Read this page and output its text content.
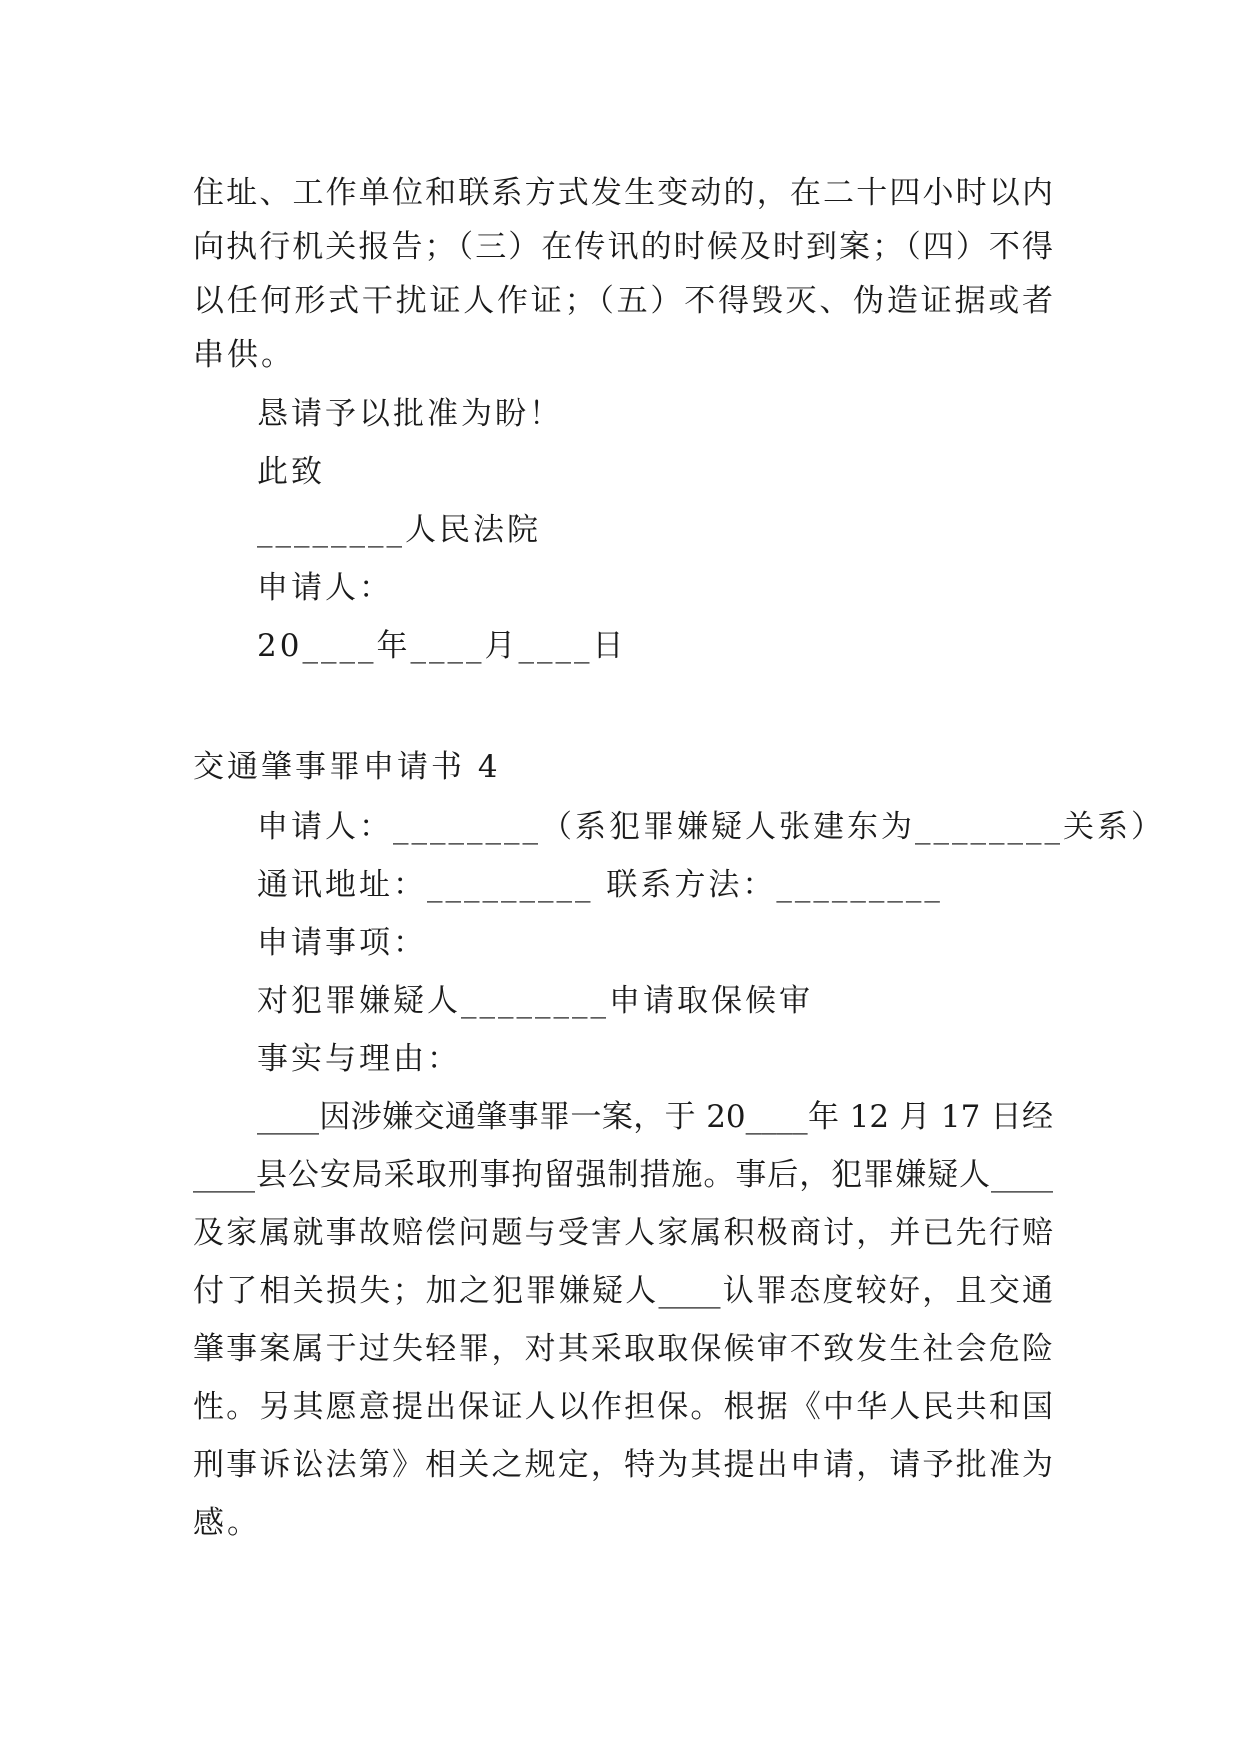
住址、工作单位和联系方式发生变动的，在二十四小时以内
向执行机关报告；（三）在传讯的时候及时到案；（四）不得
以任何形式干扰证人作证；（五）不得毁灭、伪造证据或者
串供。
恳请予以批准为盼！
此致
________人民法院
申请人：
20____年____月____日
交通肇事罪申请书 4
申请人：________（系犯罪嫌疑人张建东为________关系）
通讯地址：_________ 联系方法：_________
申请事项：
对犯罪嫌疑人________申请取保候审
事实与理由：
____因涉嫌交通肇事罪一案，于 20____年 12 月 17 日经
____县公安局采取刑事拘留强制措施。事后，犯罪嫌疑人____
及家属就事故赔偿问题与受害人家属积极商讨，并已先行赔
付了相关损失；加之犯罪嫌疑人____认罪态度较好，且交通
肇事案属于过失轻罪，对其采取取保候审不致发生社会危险
性。另其愿意提出保证人以作担保。根据《中华人民共和国
刑事诉讼法第》相关之规定，特为其提出申请，请予批准为
感。
